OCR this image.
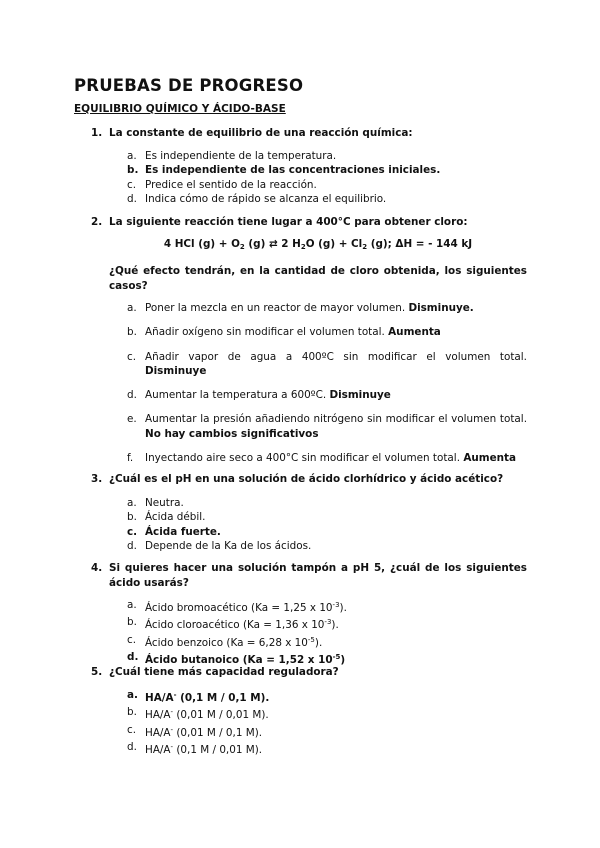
PRUEBAS DE PROGRESO
EQUILIBRIO QUÍMICO Y ÁCIDO-BASE
1. La constante de equilibrio de una reacción química:
a. Es independiente de la temperatura.
b. Es independiente de las concentraciones iniciales.
c. Predice el sentido de la reacción.
d. Indica cómo de rápido se alcanza el equilibrio.
2. La siguiente reacción tiene lugar a 400°C para obtener cloro:
4 HCl $(g) + O_2$ (g) ⇄ 2 $H_2O$ $(g) + Cl_2$ (g); ΔH = - 144 kJ
¿Qué efecto tendrán, en la cantidad de cloro obtenida, los siguientes casos?
a. Poner la mezcla en un reactor de mayor volumen. Disminuye.
b. Añadir oxígeno sin modificar el volumen total. Aumenta
c. Añadir vapor de agua a 400ºC sin modificar el volumen total. Disminuye
d. Aumentar la temperatura a 600ºC. Disminuye
e. Aumentar la presión añadiendo nitrógeno sin modificar el volumen total. No hay cambios significativos
f. Inyectando aire seco a 400°C sin modificar el volumen total. Aumenta
3. ¿Cuál es el pH en una solución de ácido clorhídrico y ácido acético?
a. Neutra.
b. Ácida débil.
c. Ácida fuerte.
d. Depende de la Ka de los ácidos.
4. Si quieres hacer una solución tampón a pH 5, ¿cuál de los siguientes ácido usarás?
a. Ácido bromoacético (Ka = 1,25 x $10^{-3}$).
b. Ácido cloroacético (Ka = 1,36 x $10^{-3}$).
c. Ácido benzoico (Ka = 6,28 x $10^{-5}$).
d. Ácido butanoico (Ka = 1,52 x $10^{-5}$)
5. ¿Cuál tiene más capacidad reguladora?
a. HA/A- (0,1 M / 0,1 M).
b. HA/A- (0,01 M / 0,01 M).
c. HA/A- (0,01 M / 0,1 M).
d. HA/A- (0,1 M / 0,01 M).
